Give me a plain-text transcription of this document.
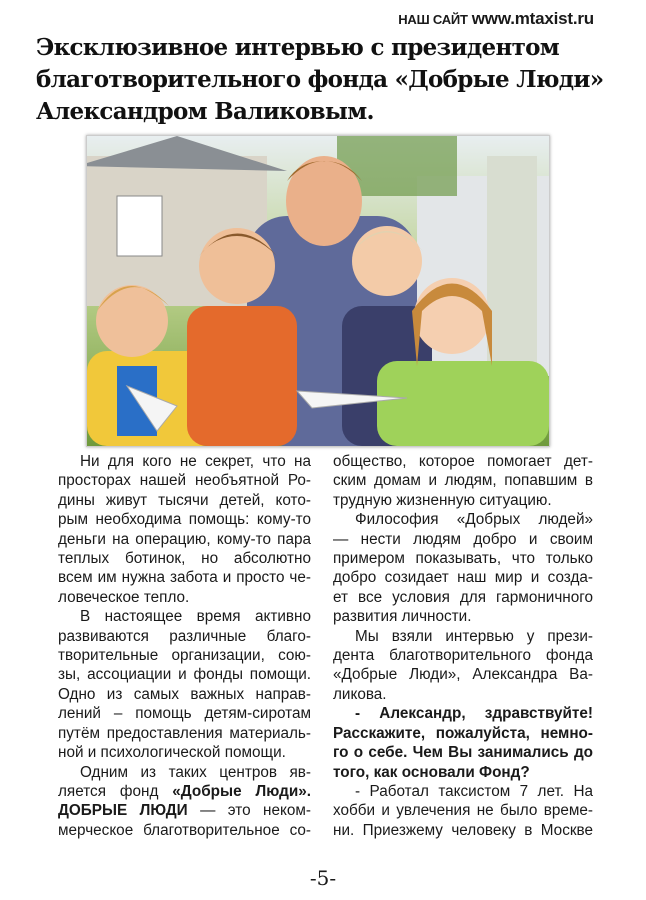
НАШ САЙТ www.mtaxist.ru
Эксклюзивное интервью с президентом
благотворительного фонда «Добрые Люди»
Александром Валиковым.
Ни для кого не секрет, что на
просторах нашей необъятной Ро-
дины живут тысячи детей, кото-
рым необходима помощь: кому-то
деньги на операцию, кому-то пара
теплых ботинок, но абсолютно
всем им нужна забота и просто че-
ловеческое тепло.
В настоящее время активно
развиваются различные благо-
творительные организации, сою-
зы, ассоциации и фонды помощи.
Одно из самых важных направ-
лений – помощь детям-сиротам
путём предоставления материаль-
ной и психологической помощи.
Одним из таких центров яв-
ляется фонд «Добрые Люди».
ДОБРЫЕ ЛЮДИ — это неком-
мерческое благотворительное со-
общество, которое помогает дет-
ским домам и людям, попавшим в
трудную жизненную ситуацию.
Философия «Добрых людей»
— нести людям добро и своим
примером показывать, что только
добро созидает наш мир и созда-
ет все условия для гармоничного
развития личности.
Мы взяли интервью у прези-
дента благотворительного фонда
«Добрые Люди», Александра Ва-
ликова.
- Александр, здравствуйте!
Расскажите, пожалуйста, немно-
го о себе. Чем Вы занимались до
того, как основали Фонд?
- Работал таксистом 7 лет. На
хобби и увлечения не было време-
ни. Приезжему человеку в Москве
-5-
